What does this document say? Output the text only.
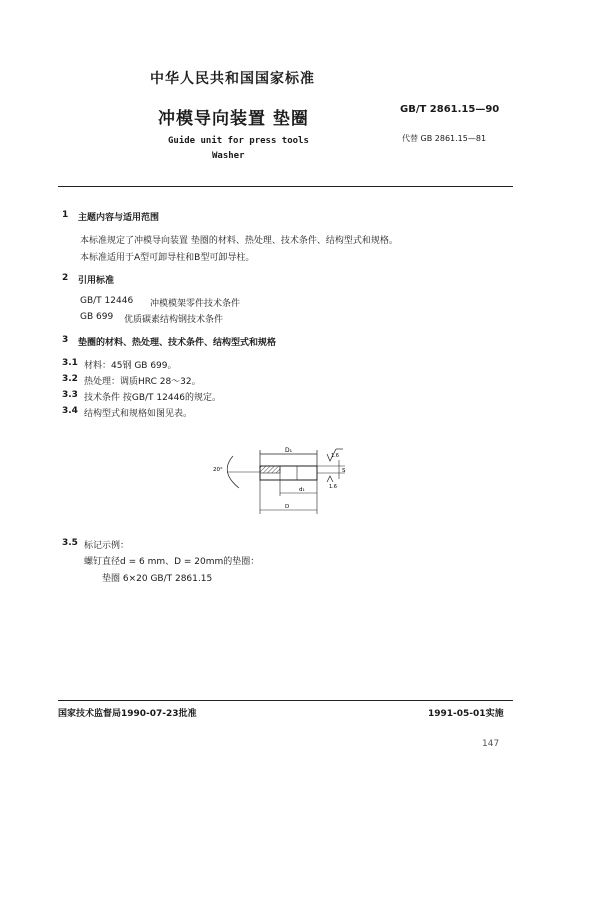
中华人民共和国国家标准
冲模导向装置 垫圈
Guide unit for press tools
Washer
GB/T 2861.15—90
代替 GB 2861.15—81
1 主题内容与适用范围
本标准规定了冲模导向装置 垫圈的材料、热处理、技术条件、结构型式和规格。
本标准适用于A型可卸导柱和B型可卸导柱。
2 引用标准
GB/T 12446 冲模模架零件技术条件
GB 699 优质碳素结构钢技术条件
3 垫圈的材料、热处理、技术条件、结构型式和规格
3.1 材料：45钢 GB 699。
3.2 热处理：调质HRC 28～32。
3.3 技术条件 按GB/T 12446的规定。
3.4 结构型式和规格如图见表。
D₁
1.6
20°	S
1.6
d₁
D
3.5 标记示例：
螺钉直径d = 6 mm、D = 20mm的垫圈：
垫圈 6×20 GB/T 2861.15
国家技术监督局1990-07-23批准	1991-05-01实施
147
